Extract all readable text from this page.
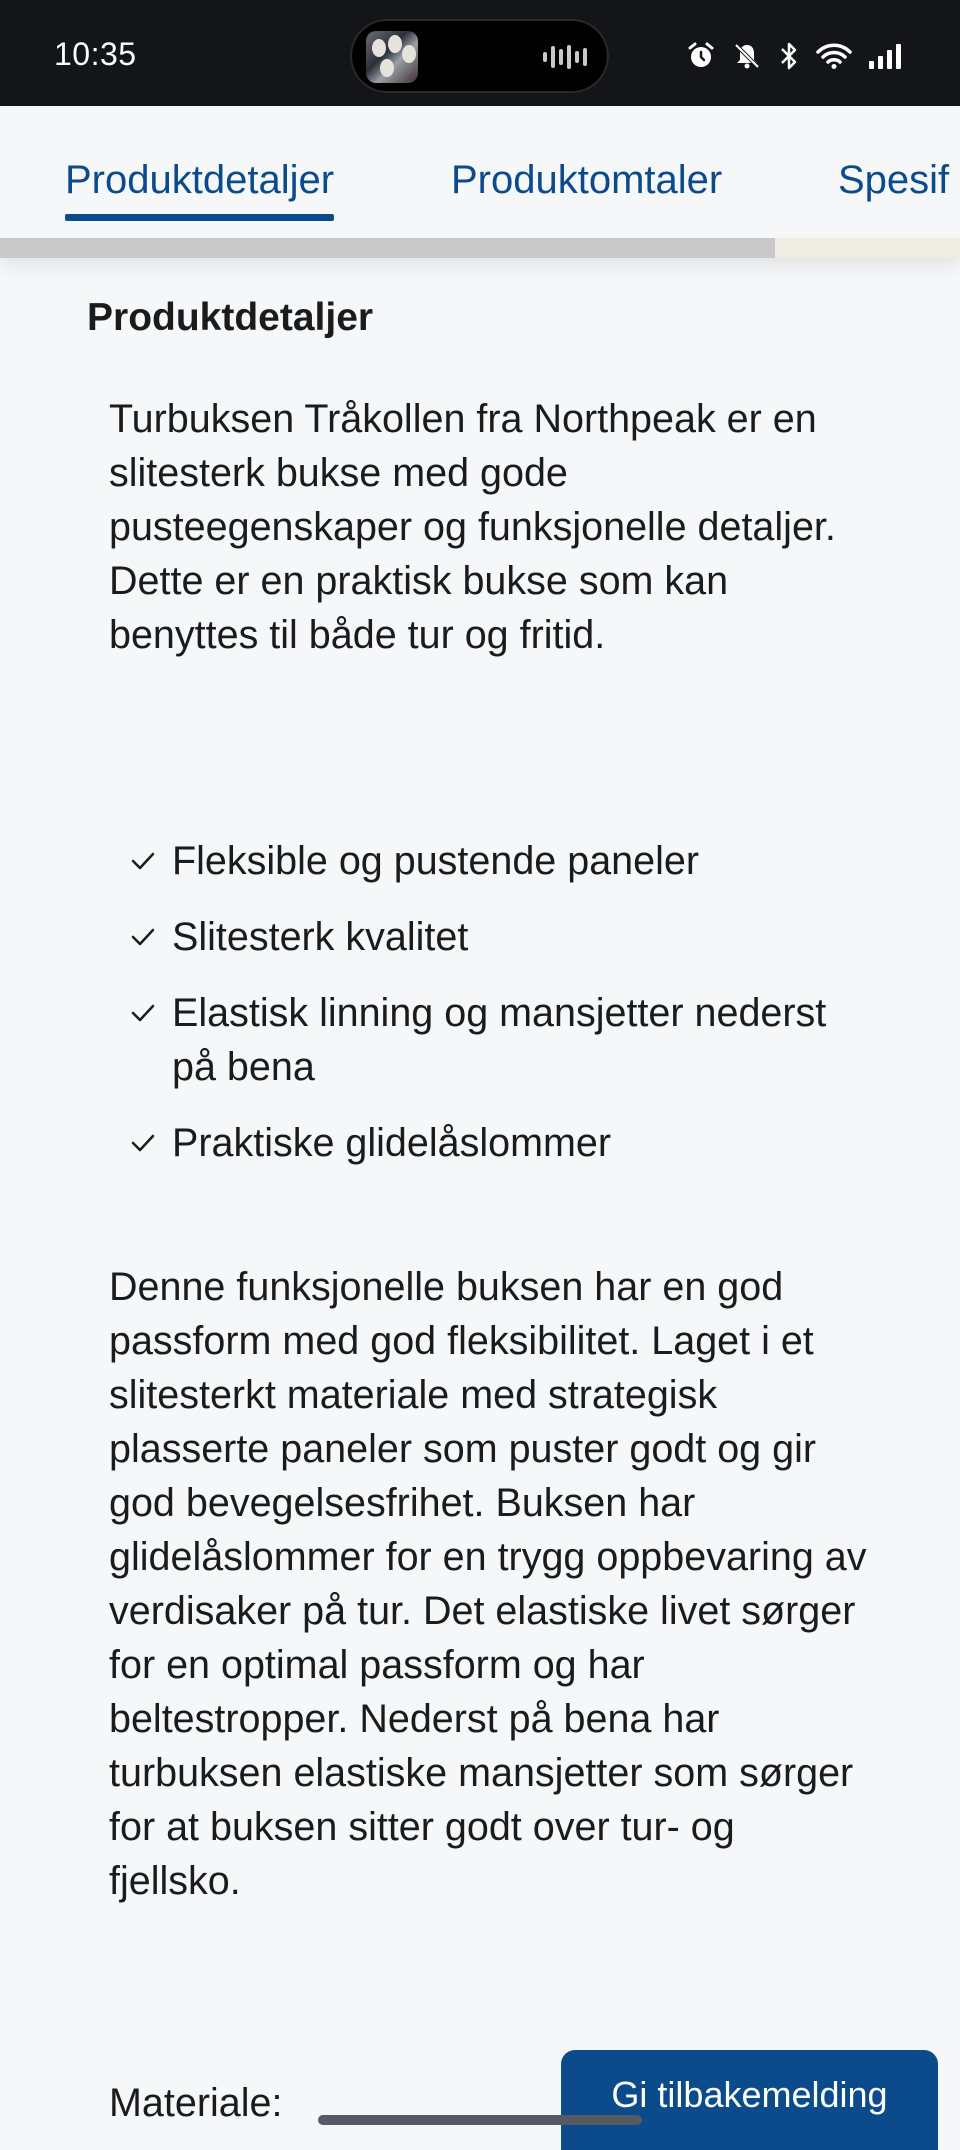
10:35
Produktdetaljer	Produktomtaler	Spesif
Produktdetaljer

Turbuksen Tråkollen fra Northpeak er en slitesterk bukse med gode pusteegenskaper og funksjonelle detaljer. Dette er en praktisk bukse som kan benyttes til både tur og fritid.

Fleksible og pustende paneler
Slitesterk kvalitet
Elastisk linning og mansjetter nederst på bena
Praktiske glidelåslommer

Denne funksjonelle buksen har en god passform med god fleksibilitet. Laget i et slitesterkt materiale med strategisk plasserte paneler som puster godt og gir god bevegelsesfrihet. Buksen har glidelåslommer for en trygg oppbevaring av verdisaker på tur. Det elastiske livet sørger for en optimal passform og har beltestropper. Nederst på bena har turbuksen elastiske mansjetter som sørger for at buksen sitter godt over tur- og fjellsko.

Materiale:	Gi tilbakemelding
